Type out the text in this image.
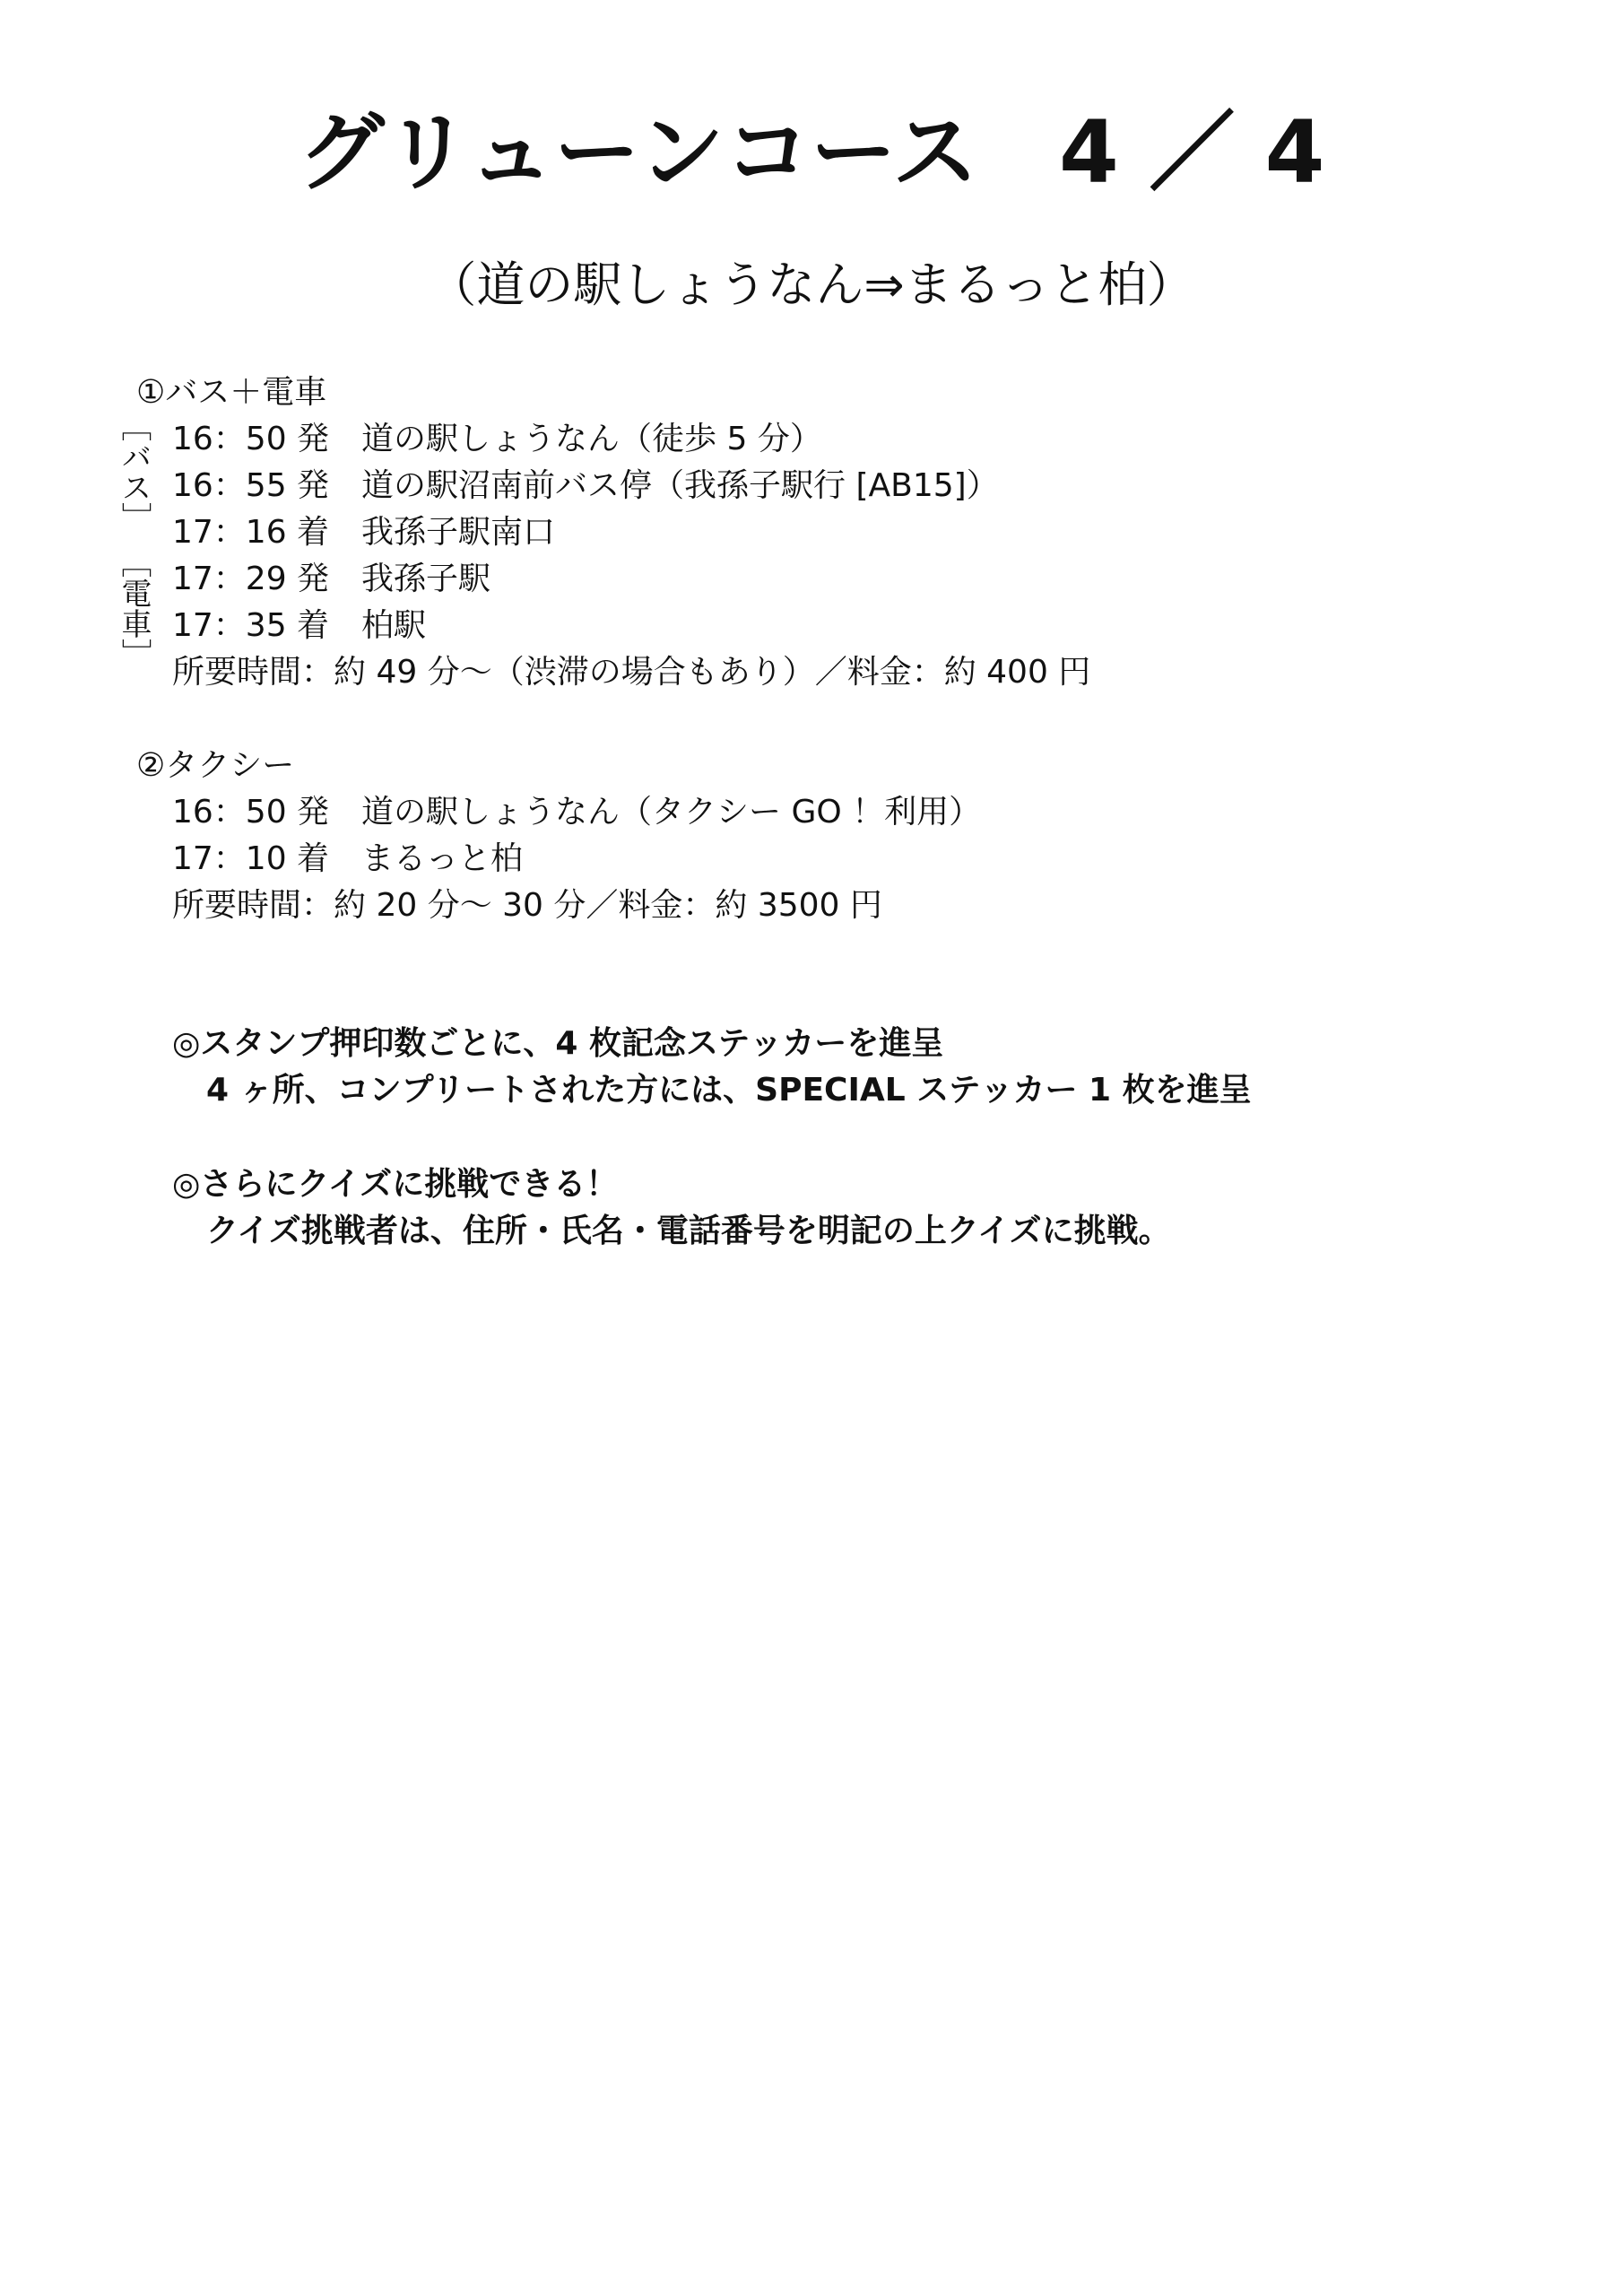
グリューンコース 4 ／ 4
（道の駅しょうなん⇒まるっと柏）
［バス］
［電車］
①バス＋電車
16：50 発　道の駅しょうなん（徒歩 5 分）
16：55 発　道の駅沼南前バス停（我孫子駅行 [AB15]）
17：16 着　我孫子駅南口
17：29 発　我孫子駅
17：35 着　柏駅
所要時間：約 49 分～（渋滞の場合もあり）／料金：約 400 円
②タクシー
16：50 発　道の駅しょうなん（タクシー GO ！利用）
17：10 着　まるっと柏
所要時間：約 20 分～ 30 分／料金：約 3500 円
◎スタンプ押印数ごとに、4 枚記念ステッカーを進呈
4 ヶ所、コンプリートされた方には、SPECIAL ステッカー 1 枚を進呈
◎さらにクイズに挑戦できる！
クイズ挑戦者は、住所・氏名・電話番号を明記の上クイズに挑戦。
